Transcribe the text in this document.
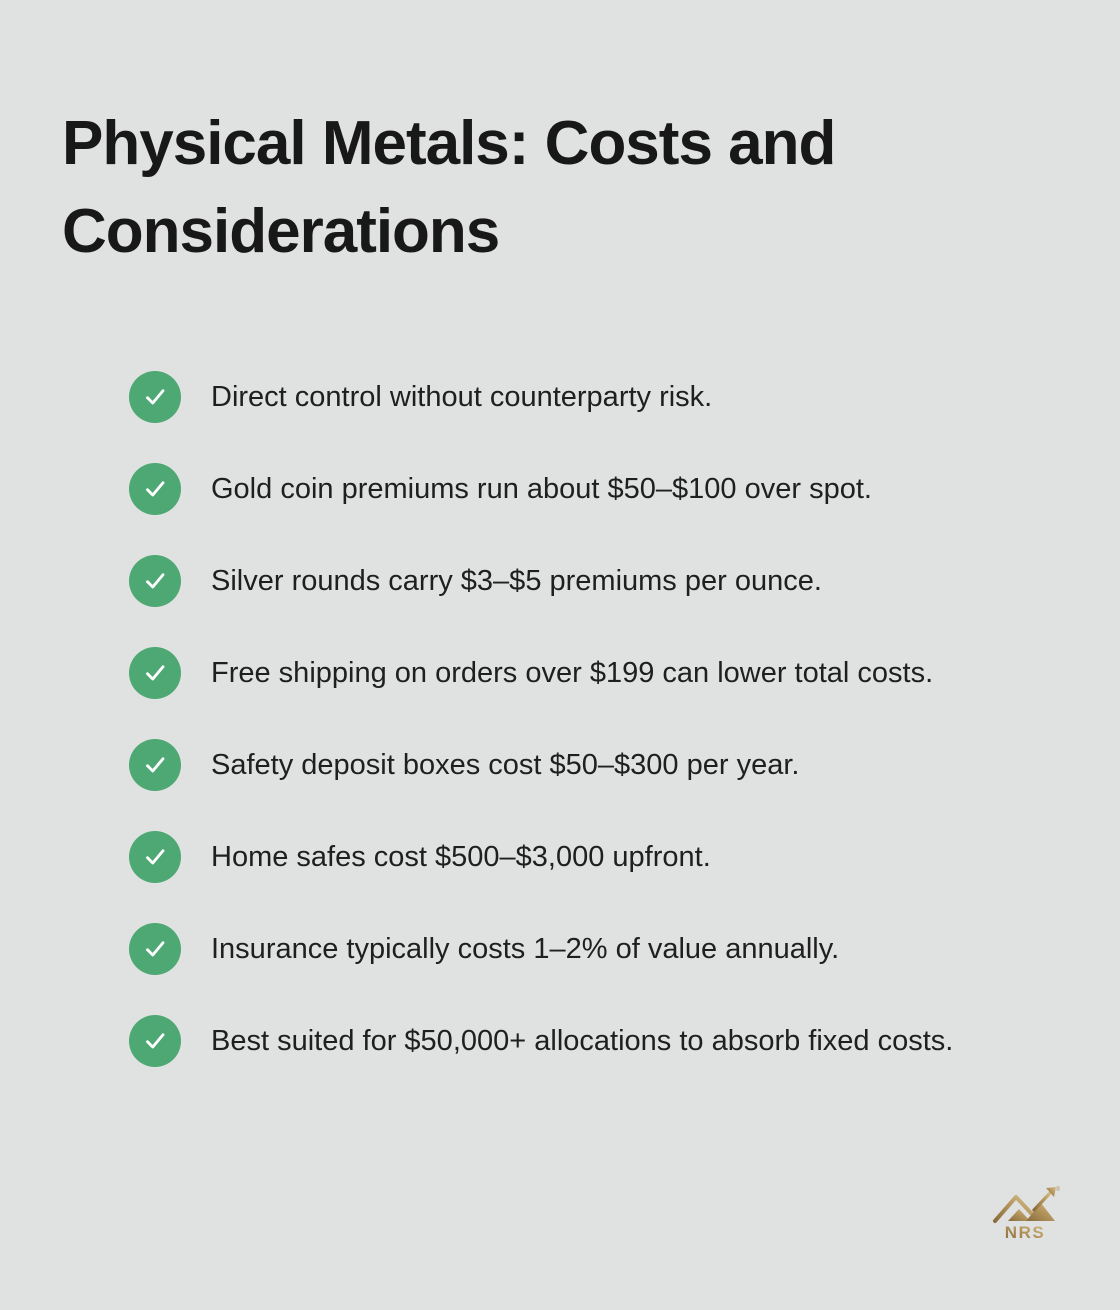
Physical Metals: Costs and Considerations
Direct control without counterparty risk.
Gold coin premiums run about $50–$100 over spot.
Silver rounds carry $3–$5 premiums per ounce.
Free shipping on orders over $199 can lower total costs.
Safety deposit boxes cost $50–$300 per year.
Home safes cost $500–$3,000 upfront.
Insurance typically costs 1–2% of value annually.
Best suited for $50,000+ allocations to absorb fixed costs.
®
NRS
